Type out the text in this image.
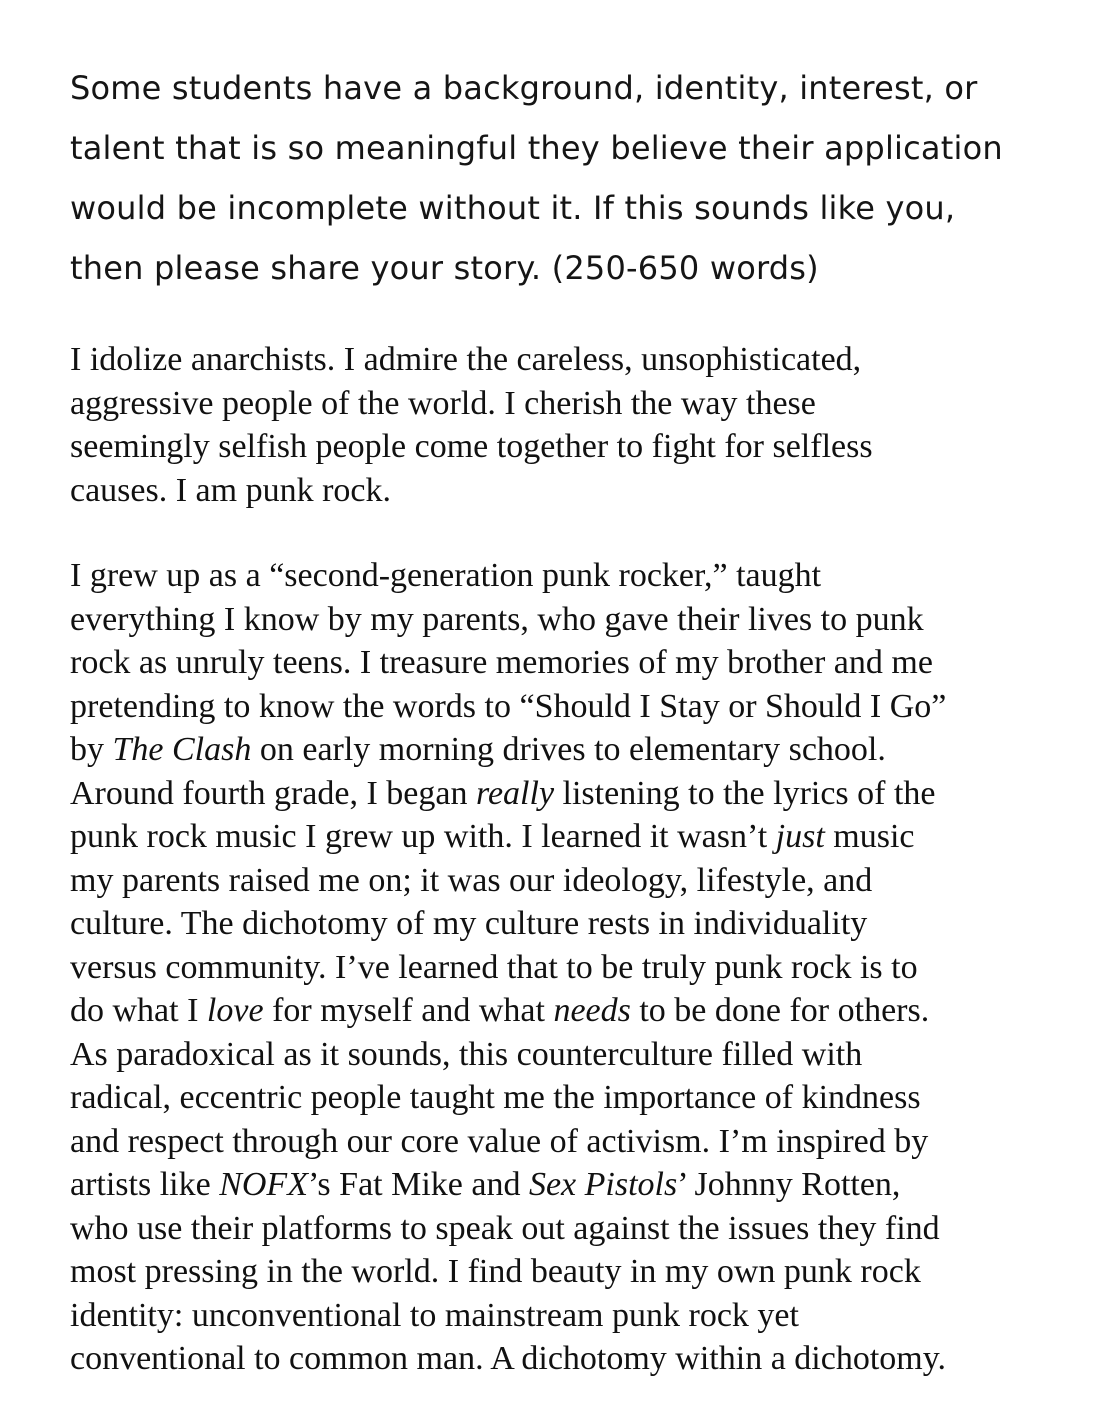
Some students have a background, identity, interest, or
talent that is so meaningful they believe their application
would be incomplete without it. If this sounds like you,
then please share your story. (250-650 words)

I idolize anarchists. I admire the careless, unsophisticated,
aggressive people of the world. I cherish the way these
seemingly selfish people come together to fight for selfless
causes. I am punk rock.

I grew up as a “second-generation punk rocker,” taught
everything I know by my parents, who gave their lives to punk
rock as unruly teens. I treasure memories of my brother and me
pretending to know the words to “Should I Stay or Should I Go”
by The Clash on early morning drives to elementary school.
Around fourth grade, I began really listening to the lyrics of the
punk rock music I grew up with. I learned it wasn’t just music
my parents raised me on; it was our ideology, lifestyle, and
culture. The dichotomy of my culture rests in individuality
versus community. I’ve learned that to be truly punk rock is to
do what I love for myself and what needs to be done for others.
As paradoxical as it sounds, this counterculture filled with
radical, eccentric people taught me the importance of kindness
and respect through our core value of activism. I’m inspired by
artists like NOFX’s Fat Mike and Sex Pistols’ Johnny Rotten,
who use their platforms to speak out against the issues they find
most pressing in the world. I find beauty in my own punk rock
identity: unconventional to mainstream punk rock yet
conventional to common man. A dichotomy within a dichotomy.
